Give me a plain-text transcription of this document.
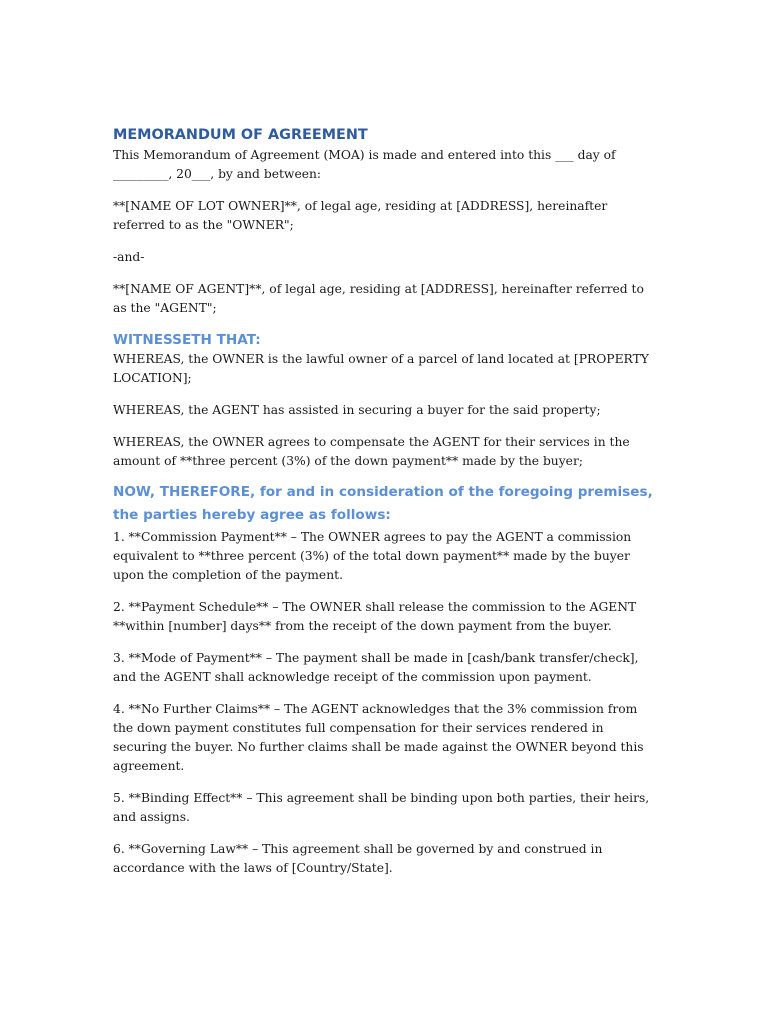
MEMORANDUM OF AGREEMENT

This Memorandum of Agreement (MOA) is made and entered into this ___ day of _________, 20___, by and between:

**[NAME OF LOT OWNER]**, of legal age, residing at [ADDRESS], hereinafter referred to as the "OWNER";

-and-

**[NAME OF AGENT]**, of legal age, residing at [ADDRESS], hereinafter referred to as the "AGENT";

WITNESSETH THAT:

WHEREAS, the OWNER is the lawful owner of a parcel of land located at [PROPERTY LOCATION];

WHEREAS, the AGENT has assisted in securing a buyer for the said property;

WHEREAS, the OWNER agrees to compensate the AGENT for their services in the amount of **three percent (3%) of the down payment** made by the buyer;

NOW, THEREFORE, for and in consideration of the foregoing premises, the parties hereby agree as follows:

1. **Commission Payment** – The OWNER agrees to pay the AGENT a commission equivalent to **three percent (3%) of the total down payment** made by the buyer upon the completion of the payment.

2. **Payment Schedule** – The OWNER shall release the commission to the AGENT **within [number] days** from the receipt of the down payment from the buyer.

3. **Mode of Payment** – The payment shall be made in [cash/bank transfer/check], and the AGENT shall acknowledge receipt of the commission upon payment.

4. **No Further Claims** – The AGENT acknowledges that the 3% commission from the down payment constitutes full compensation for their services rendered in securing the buyer. No further claims shall be made against the OWNER beyond this agreement.

5. **Binding Effect** – This agreement shall be binding upon both parties, their heirs, and assigns.

6. **Governing Law** – This agreement shall be governed by and construed in accordance with the laws of [Country/State].
